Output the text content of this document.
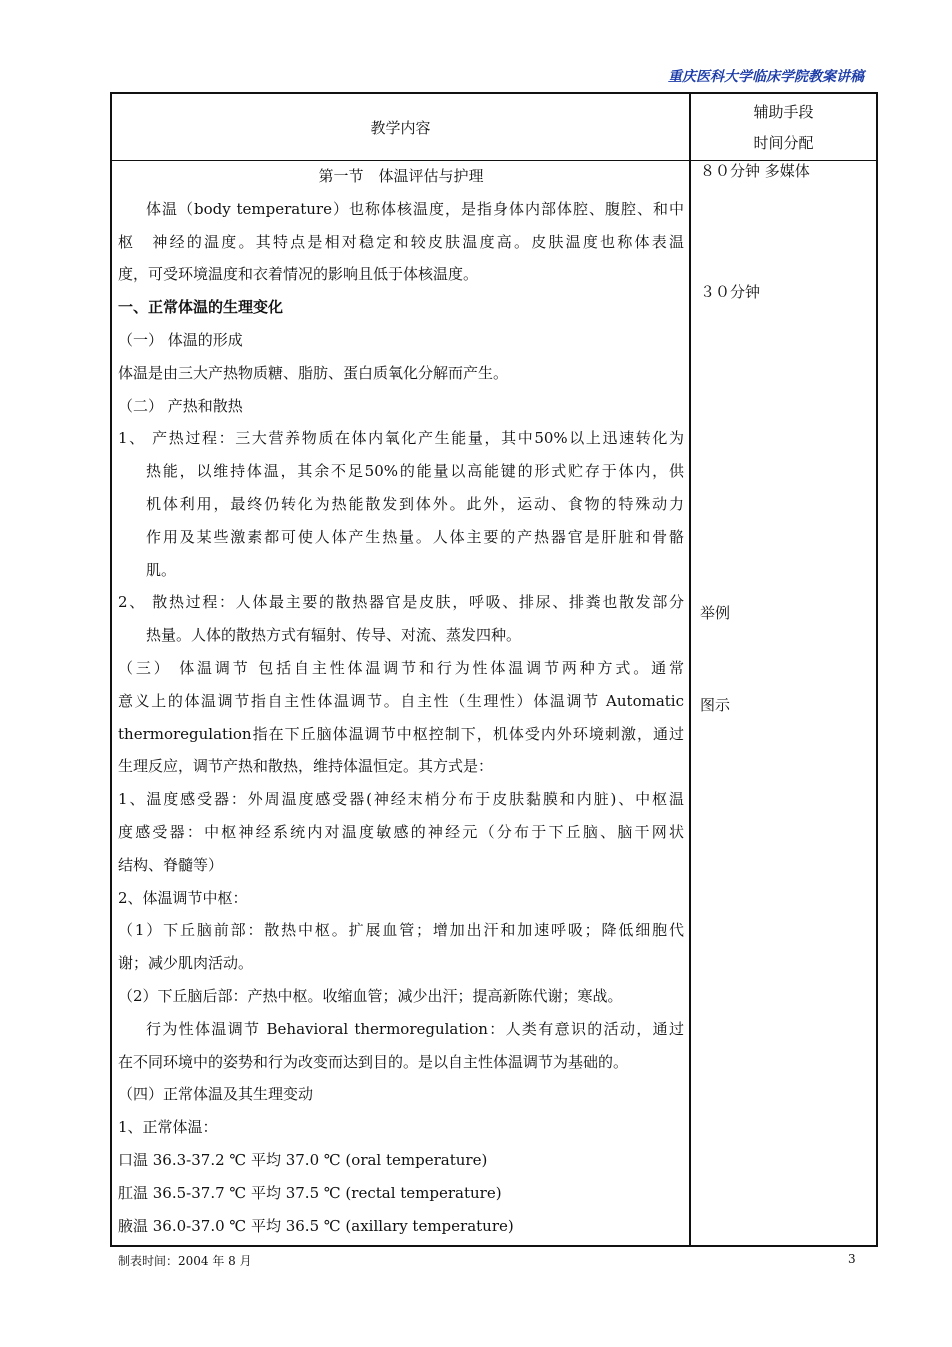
重庆医科大学临床学院教案讲稿
教学内容
辅助手段
时间分配

第一节　体温评估与护理

体温（body temperature）也称体核温度，是指身体内部体腔、腹腔、和中

枢　神经的温度。其特点是相对稳定和较皮肤温度高。皮肤温度也称体表温

度，可受环境温度和衣着情况的影响且低于体核温度。

一、正常体温的生理变化

（一） 体温的形成

体温是由三大产热物质糖、脂肪、蛋白质氧化分解而产生。

（二） 产热和散热

1、 产热过程：三大营养物质在体内氧化产生能量，其中50%以上迅速转化为

热能，以维持体温，其余不足50%的能量以高能键的形式贮存于体内，供

机体利用，最终仍转化为热能散发到体外。此外，运动、食物的特殊动力

作用及某些激素都可使人体产生热量。人体主要的产热器官是肝脏和骨骼

肌。

2、 散热过程：人体最主要的散热器官是皮肤，呼吸、排尿、排粪也散发部分

热量。人体的散热方式有辐射、传导、对流、蒸发四种。

（三） 体温调节 包括自主性体温调节和行为性体温调节两种方式。通常

意义上的体温调节指自主性体温调节。自主性（生理性）体温调节 Automatic

thermoregulation指在下丘脑体温调节中枢控制下，机体受内外环境刺激，通过

生理反应，调节产热和散热，维持体温恒定。其方式是：

1、温度感受器：外周温度感受器(神经末梢分布于皮肤黏膜和内脏)、中枢温

度感受器：中枢神经系统内对温度敏感的神经元（分布于下丘脑、脑干网状

结构、脊髓等）

2、体温调节中枢：

（1）下丘脑前部：散热中枢。扩展血管；增加出汗和加速呼吸；降低细胞代

谢；减少肌肉活动。

（2）下丘脑后部：产热中枢。收缩血管；减少出汗；提高新陈代谢；寒战。

行为性体温调节 Behavioral thermoregulation：人类有意识的活动，通过

在不同环境中的姿势和行为改变而达到目的。是以自主性体温调节为基础的。

（四）正常体温及其生理变动

1、正常体温：

口温 36.3-37.2 ℃ 平均 37.0 ℃ (oral temperature)

肛温 36.5-37.7 ℃ 平均 37.5 ℃ (rectal temperature)

腋温 36.0-37.0 ℃ 平均 36.5 ℃ (axillary temperature)

８０分钟 多媒体
３０分钟
举例
图示
制表时间：2004 年 8 月	3
